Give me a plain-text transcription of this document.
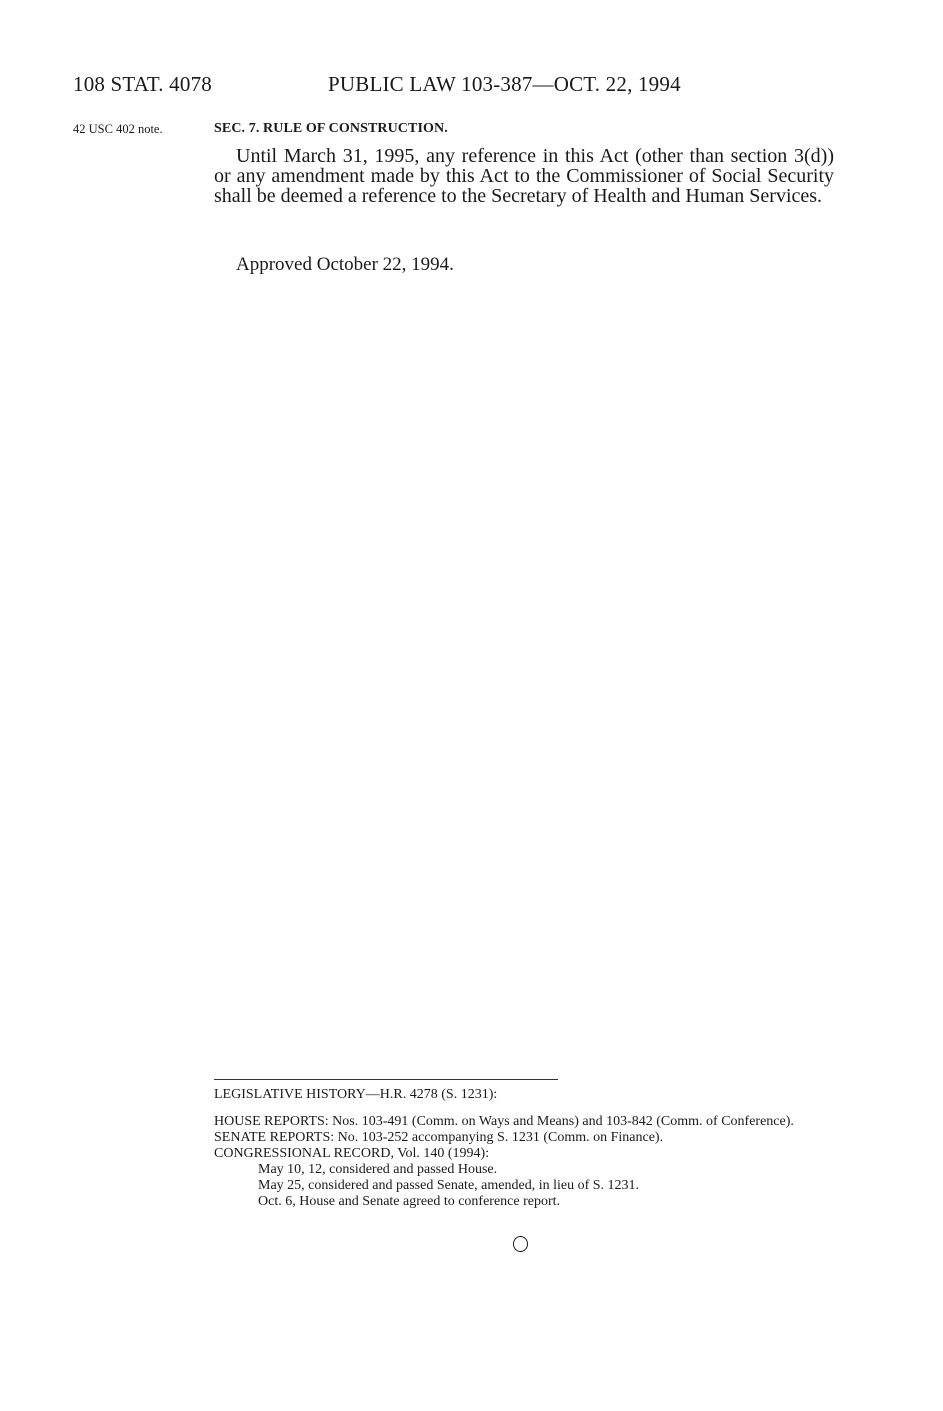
108 STAT. 4078	PUBLIC LAW 103-387—OCT. 22, 1994
42 USC 402 note.	SEC. 7. RULE OF CONSTRUCTION.

Until March 31, 1995, any reference in this Act (other than section 3(d)) or any amendment made by this Act to the Commissioner of Social Security shall be deemed a reference to the Secretary of Health and Human Services.

Approved October 22, 1994.

LEGISLATIVE HISTORY—H.R. 4278 (S. 1231):

HOUSE REPORTS: Nos. 103-491 (Comm. on Ways and Means) and 103-842 (Comm. of Conference).
SENATE REPORTS: No. 103-252 accompanying S. 1231 (Comm. on Finance).
CONGRESSIONAL RECORD, Vol. 140 (1994):
May 10, 12, considered and passed House.
May 25, considered and passed Senate, amended, in lieu of S. 1231.
Oct. 6, House and Senate agreed to conference report.
